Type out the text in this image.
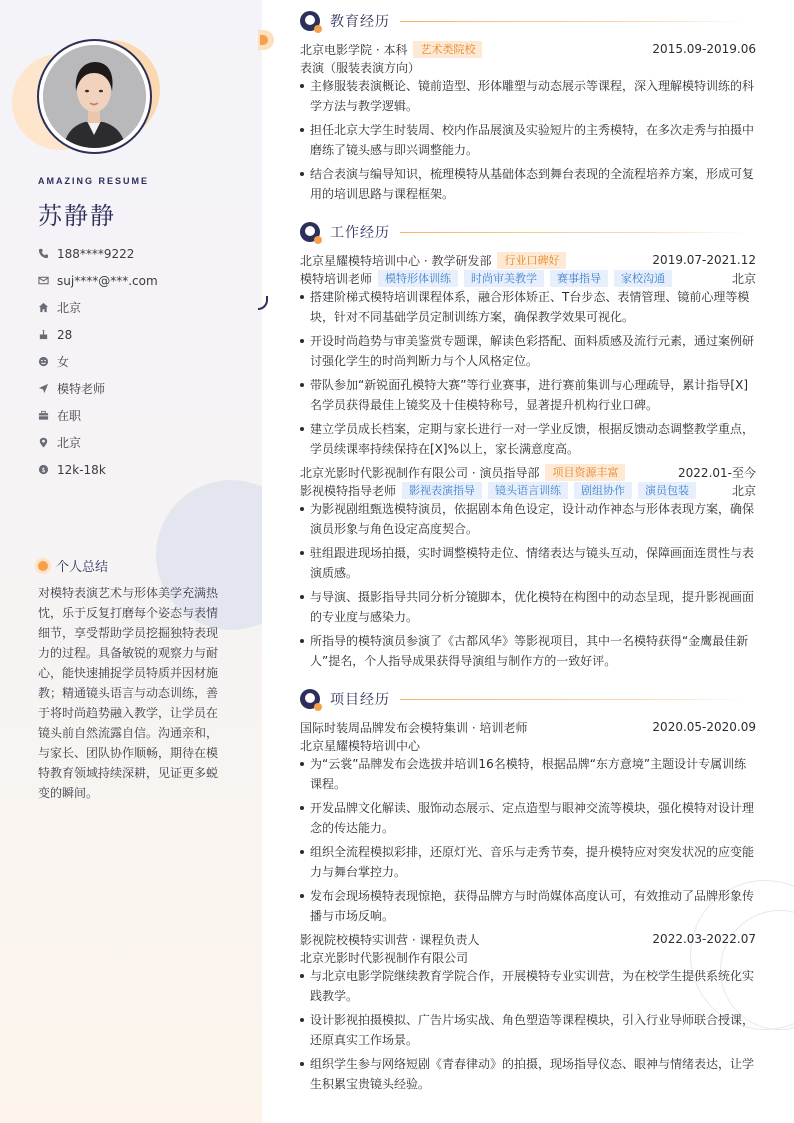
AMAZING RESUME
苏静静
188****9222
suj****@***.com
北京
28
女
模特老师
在职
北京
$ 12k-18k
个人总结
对模特表演艺术与形体美学充满热忱，乐于反复打磨每个姿态与表情细节，享受帮助学员挖掘独特表现力的过程。具备敏锐的观察力与耐心，能快速捕捉学员特质并因材施教；精通镜头语言与动态训练，善于将时尚趋势融入教学，让学员在镜头前自然流露自信。沟通亲和，与家长、团队协作顺畅，期待在模特教育领域持续深耕，见证更多蜕变的瞬间。
教育经历
北京电影学院 · 本科	艺术类院校	2015.09-2019.06
表演（服装表演方向）
主修服装表演概论、镜前造型、形体雕塑与动态展示等课程，深入理解模特训练的科学方法与教学逻辑。
担任北京大学生时装周、校内作品展演及实验短片的主秀模特，在多次走秀与拍摄中磨练了镜头感与即兴调整能力。
结合表演与编导知识，梳理模特从基础体态到舞台表现的全流程培养方案，形成可复用的培训思路与课程框架。
工作经历
北京星耀模特培训中心 · 教学研发部	行业口碑好	2019.07-2021.12
模特培训老师	模特形体训练	时尚审美教学	赛事指导	家校沟通	北京
搭建阶梯式模特培训课程体系，融合形体矫正、T台步态、表情管理、镜前心理等模块，针对不同基础学员定制训练方案，确保教学效果可视化。
开设时尚趋势与审美鉴赏专题课，解读色彩搭配、面料质感及流行元素，通过案例研讨强化学生的时尚判断力与个人风格定位。
带队参加“新锐面孔模特大赛”等行业赛事，进行赛前集训与心理疏导，累计指导[X]名学员获得最佳上镜奖及十佳模特称号，显著提升机构行业口碑。
建立学员成长档案，定期与家长进行一对一学业反馈，根据反馈动态调整教学重点，学员续课率持续保持在[X]%以上，家长满意度高。
北京光影时代影视制作有限公司 · 演员指导部	项目资源丰富	2022.01-至今
影视模特指导老师	影视表演指导	镜头语言训练	剧组协作	演员包装	北京
为影视剧组甄选模特演员，依据剧本角色设定，设计动作神态与形体表现方案，确保演员形象与角色设定高度契合。
驻组跟进现场拍摄，实时调整模特走位、情绪表达与镜头互动，保障画面连贯性与表演质感。
与导演、摄影指导共同分析分镜脚本，优化模特在构图中的动态呈现，提升影视画面的专业度与感染力。
所指导的模特演员参演了《古都风华》等影视项目，其中一名模特获得“金鹰最佳新人”提名，个人指导成果获得导演组与制作方的一致好评。
项目经历
国际时装周品牌发布会模特集训 · 培训老师	2020.05-2020.09
北京星耀模特培训中心
为“云裳”品牌发布会选拔并培训16名模特，根据品牌“东方意境”主题设计专属训练课程。
开发品牌文化解读、服饰动态展示、定点造型与眼神交流等模块，强化模特对设计理念的传达能力。
组织全流程模拟彩排，还原灯光、音乐与走秀节奏，提升模特应对突发状况的应变能力与舞台掌控力。
发布会现场模特表现惊艳，获得品牌方与时尚媒体高度认可，有效推动了品牌形象传播与市场反响。
影视院校模特实训营 · 课程负责人	2022.03-2022.07
北京光影时代影视制作有限公司
与北京电影学院继续教育学院合作，开展模特专业实训营，为在校学生提供系统化实践教学。
设计影视拍摄模拟、广告片场实战、角色塑造等课程模块，引入行业导师联合授课，还原真实工作场景。
组织学生参与网络短剧《青春律动》的拍摄，现场指导仪态、眼神与情绪表达，让学生积累宝贵镜头经验。
